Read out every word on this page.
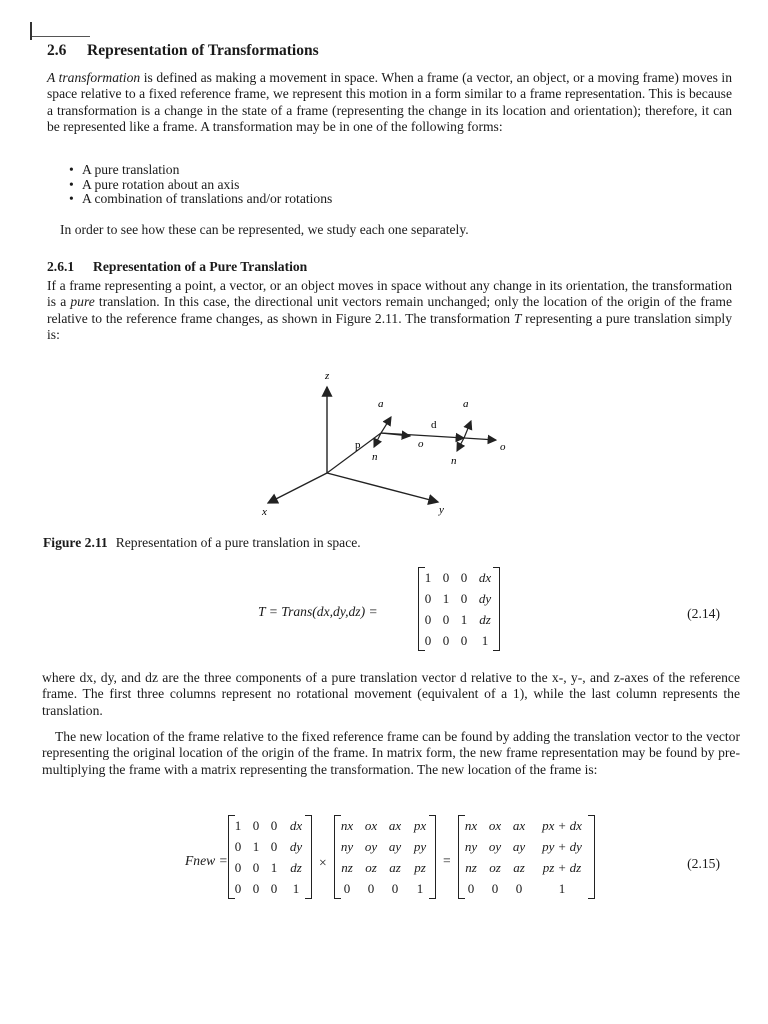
2.6 Representation of Transformations

A transformation is defined as making a movement in space. When a frame (a vector, an object, or a moving frame) moves in space relative to a fixed reference frame, we represent this motion in a form similar to a frame representation. This is because a transformation is a change in the state of a frame (representing the change in its location and orientation); therefore, it can be represented like a frame. A transformation may be in one of the following forms:

• A pure translation
• A pure rotation about an axis
• A combination of translations and/or rotations

In order to see how these can be represented, we study each one separately.

2.6.1 Representation of a Pure Translation

If a frame representing a point, a vector, or an object moves in space without any change in its orientation, the transformation is a pure translation. In this case, the directional unit vectors remain unchanged; only the location of the origin of the frame relative to the reference frame changes, as shown in Figure 2.11. The transformation T representing a pure translation simply is:

z
x	y
p
a
n
o
d
a
n
o
Figure 2.11 Representation of a pure translation in space.
T = Trans(dx,dy,dz) =
1 0 0 dx
0 1 0 dy
0 0 1 dz
0 0 0	1
(2.14)

where dx, dy, and dz are the three components of a pure translation vector d relative to the x-, y-, and z-axes of the reference frame. The first three columns represent no rotational movement (equivalent of a 1), while the last column represents the translation.

The new location of the frame relative to the fixed reference frame can be found by adding the translation vector to the vector representing the original location of the origin of the frame. In matrix form, the new frame representation may be found by pre-multiplying the frame with a matrix representing the transformation. The new location of the frame is:

Fnew =
1 0 0 dx
0 1 0 dy
0 0 1 dz
0 0 0	1
×
nx ox ax px
ny oy ay py
nz oz az	pz
0	0	0	1
=
nx ox ax	px + dx
ny oy ay	py + dy
nz oz az	pz + dz
0	0	0	1
(2.15)
